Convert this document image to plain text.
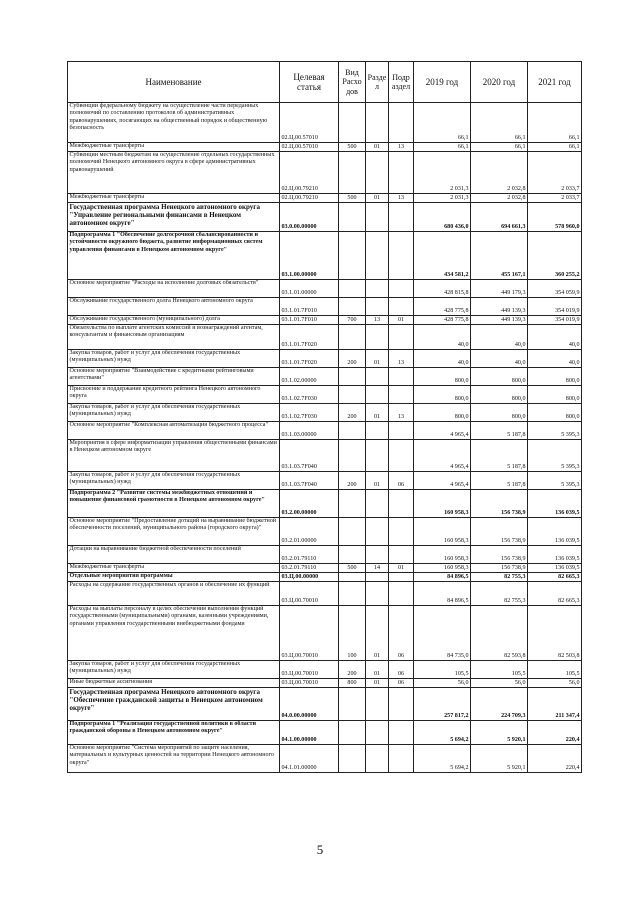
Наименование	Целевая статья	Вид Расхо дов	Разде л	Подр аздел	2019 год	2020 год	2021 год
Субвенции федеральному бюджету на осуществление части переданных полномочий по составлению протоколов об административных правонарушениях, посягающих на общественный порядок и общественную безопасность	02.Ц.00.57010				66,1	66,1	66,1
Межбюджетные трансферты	02.Ц.00.57010	500	01	13	66,1	66,1	66,1
Субвенции местным бюджетам на осуществление отдельных государственных полномочий Ненецкого автономного округа в сфере административных правонарушений	02.Ц.00.79210				2 031,3	2 032,8	2 033,7
Межбюджетные трансферты	02.Ц.00.79210	500	01	13	2 031,3	2 032,8	2 033,7
Государственная программа Ненецкого автономного округа "Управление региональными финансами в Ненецком автономном округе"	03.0.00.00000				680 436,0	694 661,3	578 960,0
Подпрограмма 1 "Обеспечение долгосрочной сбалансированности и устойчивости окружного бюджета, развитие информационных систем управления финансами в Ненецком автономном округе"	03.1.00.00000				434 581,2	455 167,1	360 255,2
Основное мероприятие "Расходы на исполнение долговых обязательств"	03.1.01.00000				428 815,8	449 179,3	354 059,9
Обслуживание государственного долга Ненецкого автономного округа	03.1.01.7F010				428 775,8	449 139,3	354 019,9
Обслуживание государственного (муниципального) долга	03.1.01.7F010	700	13	01	428 775,8	449 139,3	354 019,9
Обязательства по выплате агентских комиссий и вознаграждений агентам, консультантам и финансовым организациям	03.1.01.7F020				40,0	40,0	40,0
Закупка товаров, работ и услуг для обеспечения государственных (муниципальных) нужд	03.1.01.7F020	200	01	13	40,0	40,0	40,0
Основное мероприятие "Взаимодействие с кредитными рейтинговыми агентствами"	03.1.02.00000				800,0	800,0	800,0
Присвоение и поддержание кредитного рейтинга Ненецкого автономного округа	03.1.02.7F030				800,0	800,0	800,0
Закупка товаров, работ и услуг для обеспечения государственных (муниципальных) нужд	03.1.02.7F030	200	01	13	800,0	800,0	800,0
Основное мероприятие "Комплексная автоматизация бюджетного процесса"	03.1.03.00000				4 965,4	5 187,8	5 395,3
Мероприятия в сфере информатизации управления общественными финансами в Ненецком автономном округе	03.1.03.7F040				4 965,4	5 187,8	5 395,3
Закупка товаров, работ и услуг для обеспечения государственных (муниципальных) нужд	03.1.03.7F040	200	01	06	4 965,4	5 187,8	5 395,3
Подпрограмма 2 "Развитие системы межбюджетных отношений и повышение финансовой грамотности в Ненецком автономном округе"	03.2.00.00000				160 958,3	156 738,9	136 039,5
Основное мероприятие "Предоставление дотаций на выравнивание бюджетной обеспеченности поселений, муниципального района (городского округа)"	03.2.01.00000				160 958,3	156 738,9	136 039,5
Дотации на выравнивание бюджетной обеспеченности поселений	03.2.01.79110				160 958,3	156 738,9	136 039,5
Межбюджетные трансферты	03.2.01.79110	500	14	01	160 958,3	156 738,9	136 039,5
Отдельные мероприятия программы	03.Ц.00.00000				84 896,5	82 755,3	82 665,3
Расходы на содержание государственных органов и обеспечение их функций	03.Ц.00.70010				84 896,5	82 755,3	82 665,3
Расходы на выплаты персоналу в целях обеспечения выполнения функций государственными (муниципальными) органами, казенными учреждениями, органами управления государственными внебюджетными фондами	03.Ц.00.70010	100	01	06	84 735,0	82 593,8	82 503,8
Закупка товаров, работ и услуг для обеспечения государственных (муниципальных) нужд	03.Ц.00.70010	200	01	06	105,5	105,5	105,5
Иные бюджетные ассигнования	03.Ц.00.70010	800	01	06	56,0	56,0	56,0
Государственная программа Ненецкого автономного округа "Обеспечение гражданской защиты в Ненецком автономном округе"	04.0.00.00000				257 817,2	224 709,3	211 347,4
Подпрограмма 1 "Реализация государственной политики в области гражданской обороны в Ненецком автономном округе"	04.1.00.00000				5 694,2	5 920,1	220,4
Основное мероприятие "Система мероприятий по защите населения, материальных и культурных ценностей на территории Ненецкого автономного округа"	04.1.01.00000				5 694,2	5 920,1	220,4
5
